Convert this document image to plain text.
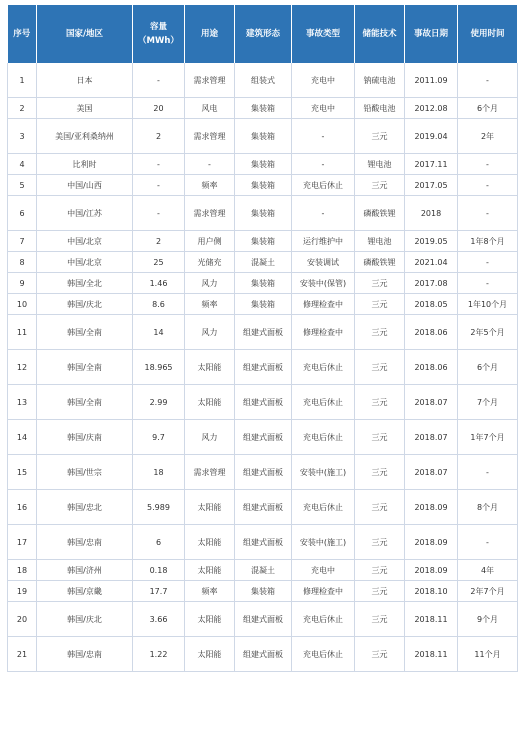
序号	国家/地区	容量（MWh）	用途	建筑形态	事故类型	储能技术	事故日期	使用时间
1	日本	-	需求管理	组装式	充电中	钠硫电池	2011.09	-
2	美国	20	风电	集装箱	充电中	铅酸电池	2012.08	6个月
3	美国/亚利桑纳州	2	需求管理	集装箱	-	三元	2019.04	2年
4	比利时	-	-	集装箱	-	锂电池	2017.11	-
5	中国/山西	-	频率	集装箱	充电后休止	三元	2017.05	-
6	中国/江苏	-	需求管理	集装箱	-	磷酸铁锂	2018	-
7	中国/北京	2	用户侧	集装箱	运行维护中	锂电池	2019.05	1年8个月
8	中国/北京	25	光储充	混凝土	安装调试	磷酸铁锂	2021.04	-
9	韩国/全北	1.46	风力	集装箱	安装中(保管)	三元	2017.08	-
10	韩国/庆北	8.6	频率	集装箱	修理检查中	三元	2018.05	1年10个月
11	韩国/全南	14	风力	组建式面板	修理检查中	三元	2018.06	2年5个月
12	韩国/全南	18.965	太阳能	组建式面板	充电后休止	三元	2018.06	6个月
13	韩国/全南	2.99	太阳能	组建式面板	充电后休止	三元	2018.07	7个月
14	韩国/庆南	9.7	风力	组建式面板	充电后休止	三元	2018.07	1年7个月
15	韩国/世宗	18	需求管理	组建式面板	安装中(施工)	三元	2018.07	-
16	韩国/忠北	5.989	太阳能	组建式面板	充电后休止	三元	2018.09	8个月
17	韩国/忠南	6	太阳能	组建式面板	安装中(施工)	三元	2018.09	-
18	韩国/济州	0.18	太阳能	混凝土	充电中	三元	2018.09	4年
19	韩国/京畿	17.7	频率	集装箱	修理检查中	三元	2018.10	2年7个月
20	韩国/庆北	3.66	太阳能	组建式面板	充电后休止	三元	2018.11	9个月
21	韩国/忠南	1.22	太阳能	组建式面板	充电后休止	三元	2018.11	11个月
